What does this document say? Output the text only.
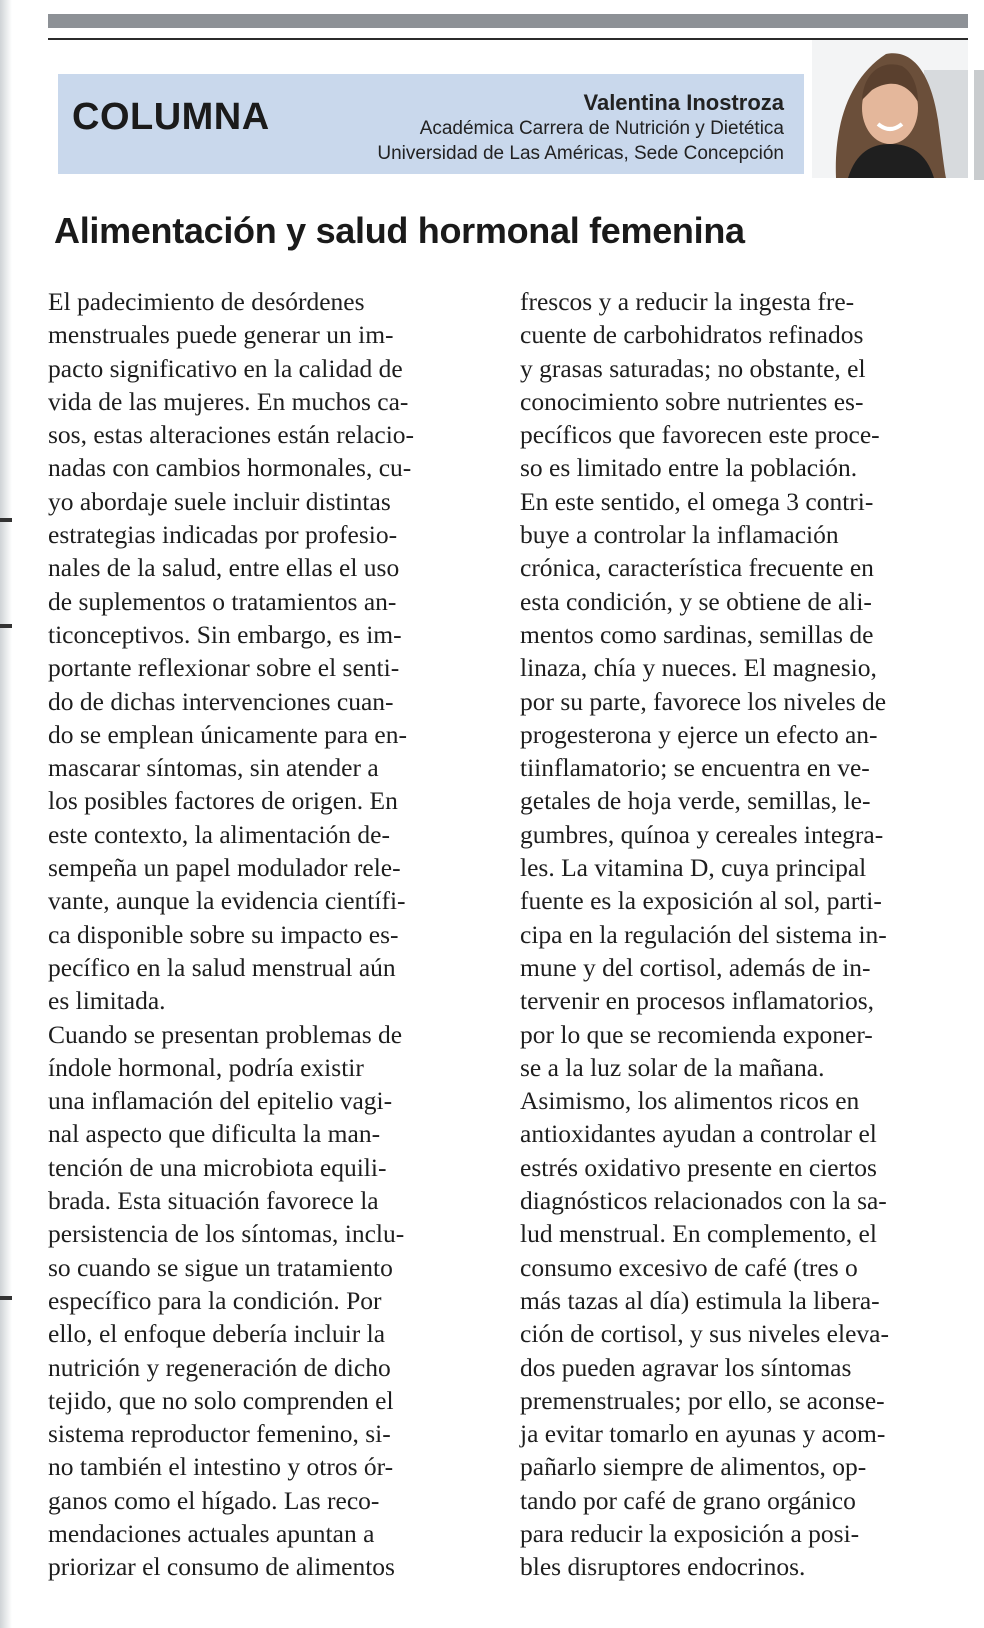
COLUMNA	Valentina Inostroza
Académica Carrera de Nutrición y Dietética
Universidad de Las Américas, Sede Concepción
Alimentación y salud hormonal femenina
El padecimiento de desórdenes
menstruales puede generar un im-
pacto significativo en la calidad de
vida de las mujeres. En muchos ca-
sos, estas alteraciones están relacio-
nadas con cambios hormonales, cu-
yo abordaje suele incluir distintas
estrategias indicadas por profesio-
nales de la salud, entre ellas el uso
de suplementos o tratamientos an-
ticonceptivos. Sin embargo, es im-
portante reflexionar sobre el senti-
do de dichas intervenciones cuan-
do se emplean únicamente para en-
mascarar síntomas, sin atender a
los posibles factores de origen. En
este contexto, la alimentación de-
sempeña un papel modulador rele-
vante, aunque la evidencia científi-
ca disponible sobre su impacto es-
pecífico en la salud menstrual aún
es limitada.
Cuando se presentan problemas de
índole hormonal, podría existir
una inflamación del epitelio vagi-
nal aspecto que dificulta la man-
tención de una microbiota equili-
brada. Esta situación favorece la
persistencia de los síntomas, inclu-
so cuando se sigue un tratamiento
específico para la condición. Por
ello, el enfoque debería incluir la
nutrición y regeneración de dicho
tejido, que no solo comprenden el
sistema reproductor femenino, si-
no también el intestino y otros ór-
ganos como el hígado. Las reco-
mendaciones actuales apuntan a
priorizar el consumo de alimentos
frescos y a reducir la ingesta fre-
cuente de carbohidratos refinados
y grasas saturadas; no obstante, el
conocimiento sobre nutrientes es-
pecíficos que favorecen este proce-
so es limitado entre la población.
En este sentido, el omega 3 contri-
buye a controlar la inflamación
crónica, característica frecuente en
esta condición, y se obtiene de ali-
mentos como sardinas, semillas de
linaza, chía y nueces. El magnesio,
por su parte, favorece los niveles de
progesterona y ejerce un efecto an-
tiinflamatorio; se encuentra en ve-
getales de hoja verde, semillas, le-
gumbres, quínoa y cereales integra-
les. La vitamina D, cuya principal
fuente es la exposición al sol, parti-
cipa en la regulación del sistema in-
mune y del cortisol, además de in-
tervenir en procesos inflamatorios,
por lo que se recomienda exponer-
se a la luz solar de la mañana.
Asimismo, los alimentos ricos en
antioxidantes ayudan a controlar el
estrés oxidativo presente en ciertos
diagnósticos relacionados con la sa-
lud menstrual. En complemento, el
consumo excesivo de café (tres o
más tazas al día) estimula la libera-
ción de cortisol, y sus niveles eleva-
dos pueden agravar los síntomas
premenstruales; por ello, se aconse-
ja evitar tomarlo en ayunas y acom-
pañarlo siempre de alimentos, op-
tando por café de grano orgánico
para reducir la exposición a posi-
bles disruptores endocrinos.
